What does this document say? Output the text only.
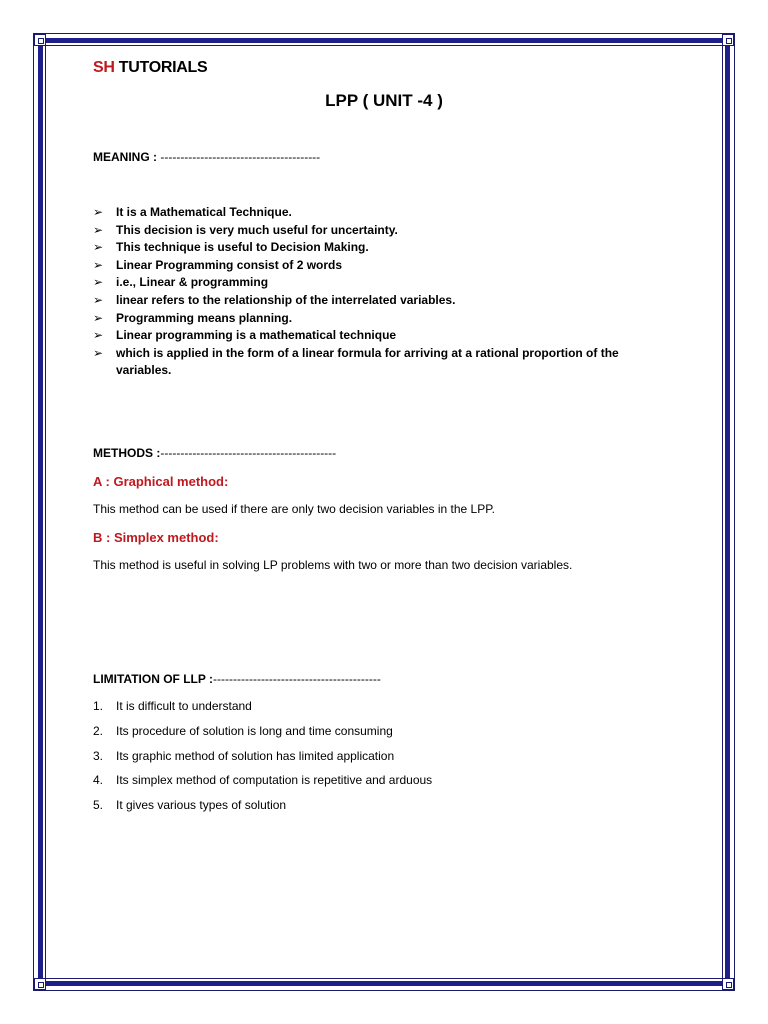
SH TUTORIALS
LPP ( UNIT -4 )
MEANING : ----------------------------------------
➢ It is a Mathematical Technique.
➢ This decision is very much useful for uncertainty.
➢ This technique is useful to Decision Making.
➢ Linear Programming consist of 2 words
➢ i.e., Linear & programming
➢ linear refers to the relationship of the interrelated variables.
➢ Programming means planning.
➢ Linear programming is a mathematical technique
➢ which is applied in the form of a linear formula for arriving at a rational proportion of the variables.
METHODS :--------------------------------------------
A : Graphical method:
This method can be used if there are only two decision variables in the LPP.
B : Simplex method:
This method is useful in solving LP problems with two or more than two decision variables.
LIMITATION OF LLP :------------------------------------------
1. It is difficult to understand
2. Its procedure of solution is long and time consuming
3. Its graphic method of solution has limited application
4. Its simplex method of computation is repetitive and arduous
5. It gives various types of solution
